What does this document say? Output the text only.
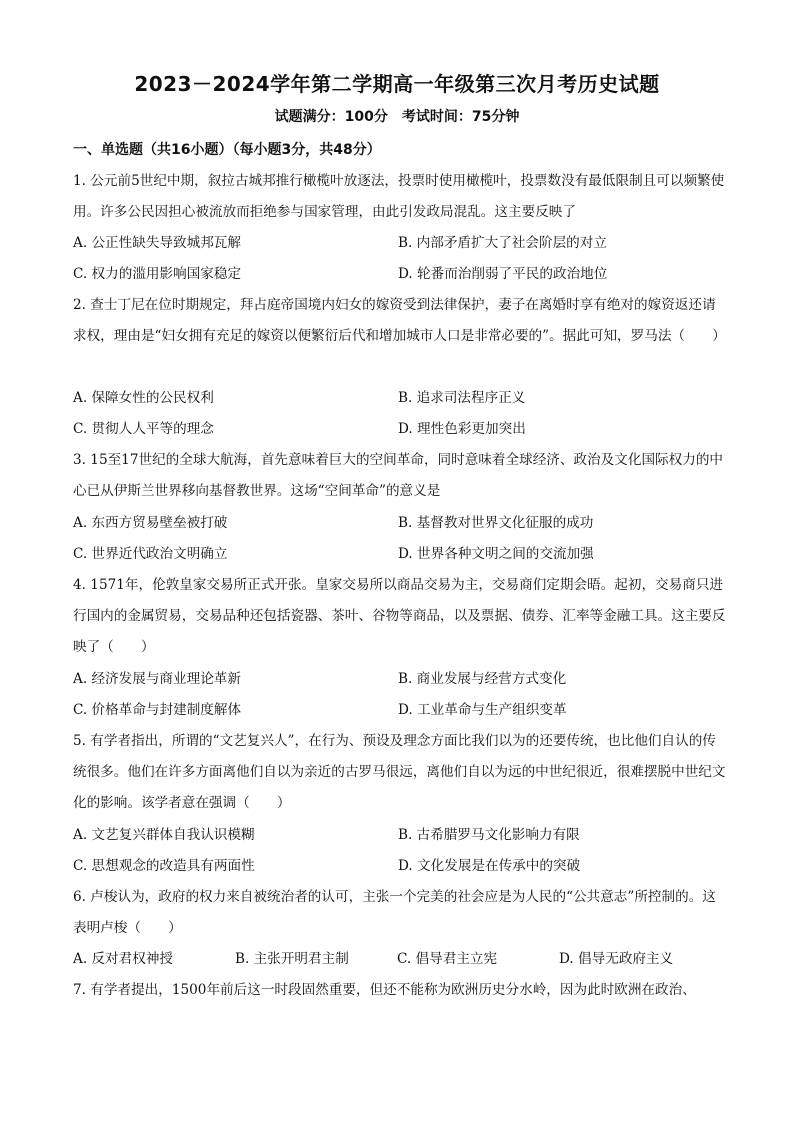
2023－2024学年第二学期高一年级第三次月考历史试题
试题满分：100分　考试时间：75分钟
一、单选题（共16小题）（每小题3分，共48分）
1. 公元前5世纪中期，叙拉古城邦推行橄榄叶放逐法，投票时使用橄榄叶，投票数没有最低限制且可以频繁使用。许多公民因担心被流放而拒绝参与国家管理，由此引发政局混乱。这主要反映了
A. 公正性缺失导致城邦瓦解	B. 内部矛盾扩大了社会阶层的对立
C. 权力的滥用影响国家稳定	D. 轮番而治削弱了平民的政治地位
2. 查士丁尼在位时期规定，拜占庭帝国境内妇女的嫁资受到法律保护，妻子在离婚时享有绝对的嫁资返还请求权，理由是“妇女拥有充足的嫁资以便繁衍后代和增加城市人口是非常必要的”。据此可知，罗马法（　　）
A. 保障女性的公民权利	B. 追求司法程序正义
C. 贯彻人人平等的理念	D. 理性色彩更加突出
3. 15至17世纪的全球大航海，首先意味着巨大的空间革命，同时意味着全球经济、政治及文化国际权力的中心已从伊斯兰世界移向基督教世界。这场“空间革命”的意义是
A. 东西方贸易壁垒被打破	B. 基督教对世界文化征服的成功
C. 世界近代政治文明确立	D. 世界各种文明之间的交流加强
4. 1571年，伦敦皇家交易所正式开张。皇家交易所以商品交易为主，交易商们定期会晤。起初，交易商只进行国内的金属贸易，交易品种还包括瓷器、茶叶、谷物等商品，以及票据、债券、汇率等金融工具。这主要反映了（　　）
A. 经济发展与商业理论革新	B. 商业发展与经营方式变化
C. 价格革命与封建制度解体	D. 工业革命与生产组织变革
5. 有学者指出，所谓的“文艺复兴人”，在行为、预设及理念方面比我们以为的还要传统，也比他们自认的传统很多。他们在许多方面离他们自以为亲近的古罗马很远，离他们自以为远的中世纪很近，很难摆脱中世纪文化的影响。该学者意在强调（　　）
A. 文艺复兴群体自我认识模糊	B. 古希腊罗马文化影响力有限
C. 思想观念的改造具有两面性	D. 文化发展是在传承中的突破
6. 卢梭认为，政府的权力来自被统治者的认可，主张一个完美的社会应是为人民的“公共意志”所控制的。这表明卢梭（　　）
A. 反对君权神授	B. 主张开明君主制	C. 倡导君主立宪	D. 倡导无政府主义
7. 有学者提出，1500年前后这一时段固然重要，但还不能称为欧洲历史分水岭，因为此时欧洲在政治、
